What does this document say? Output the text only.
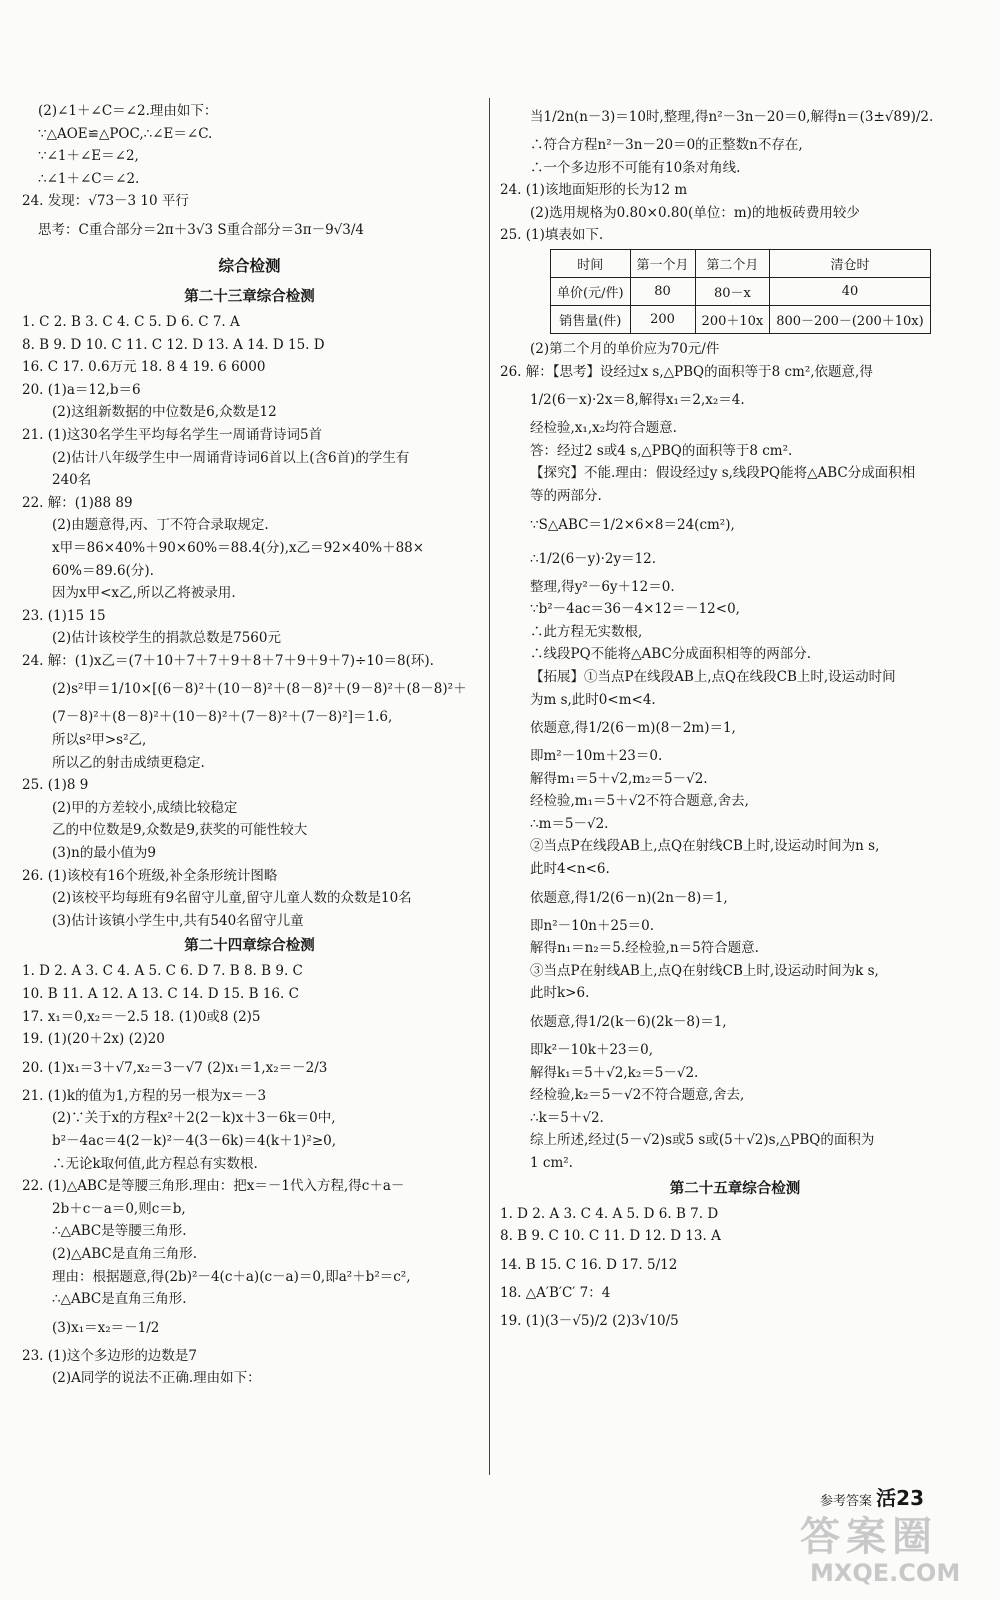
(2)∠1＋∠C＝∠2.理由如下：
∵△AOE≌△POC,∴∠E＝∠C.
∵∠1＋∠E＝∠2,
∴∠1＋∠C＝∠2.
24. 发现：√73－3 10 平行
思考：C重合部分＝2π＋3√3 S重合部分＝3π－9√3/4
综合检测
第二十三章综合检测
1. C 2. B 3. C 4. C 5. D 6. C 7. A
8. B 9. D 10. C 11. C 12. D 13. A 14. D 15. D
16. C 17. 0.6万元 18. 8 4 19. 6 6000
20. (1)a＝12,b＝6
(2)这组新数据的中位数是6,众数是12
21. (1)这30名学生平均每名学生一周诵背诗词5首
(2)估计八年级学生中一周诵背诗词6首以上(含6首)的学生有
240名
22. 解：(1)88 89
(2)由题意得,丙、丁不符合录取规定.
x甲＝86×40%＋90×60%＝88.4(分),x乙＝92×40%＋88×
60%＝89.6(分).
因为x甲<x乙,所以乙将被录用.
23. (1)15 15
(2)估计该校学生的捐款总数是7560元
24. 解：(1)x乙＝(7＋10＋7＋7＋9＋8＋7＋9＋9＋7)÷10＝8(环).
(2)s²甲＝1/10×[(6－8)²＋(10－8)²＋(8－8)²＋(9－8)²＋(8－8)²＋
(7－8)²＋(8－8)²＋(10－8)²＋(7－8)²＋(7－8)²]＝1.6,
所以s²甲>s²乙,
所以乙的射击成绩更稳定.
25. (1)8 9
(2)甲的方差较小,成绩比较稳定
乙的中位数是9,众数是9,获奖的可能性较大
(3)n的最小值为9
26. (1)该校有16个班级,补全条形统计图略
(2)该校平均每班有9名留守儿童,留守儿童人数的众数是10名
(3)估计该镇小学生中,共有540名留守儿童
第二十四章综合检测
1. D 2. A 3. C 4. A 5. C 6. D 7. B 8. B 9. C
10. B 11. A 12. A 13. C 14. D 15. B 16. C
17. x₁＝0,x₂＝－2.5 18. (1)0或8 (2)5
19. (1)(20＋2x) (2)20
20. (1)x₁＝3＋√7,x₂＝3－√7 (2)x₁＝1,x₂＝－2/3
21. (1)k的值为1,方程的另一根为x＝－3
(2)∵关于x的方程x²＋2(2－k)x＋3－6k＝0中,
b²－4ac＝4(2－k)²－4(3－6k)＝4(k＋1)²≥0,
∴无论k取何值,此方程总有实数根.
22. (1)△ABC是等腰三角形.理由：把x＝－1代入方程,得c＋a－
2b＋c－a＝0,则c＝b,
∴△ABC是等腰三角形.
(2)△ABC是直角三角形.
理由：根据题意,得(2b)²－4(c＋a)(c－a)＝0,即a²＋b²＝c²,
∴△ABC是直角三角形.
(3)x₁＝x₂＝－1/2
23. (1)这个多边形的边数是7
(2)A同学的说法不正确.理由如下：
当1/2n(n－3)＝10时,整理,得n²－3n－20＝0,解得n＝(3±√89)/2.
∴符合方程n²－3n－20＝0的正整数n不存在,
∴一个多边形不可能有10条对角线.
24. (1)该地面矩形的长为12 m
(2)选用规格为0.80×0.80(单位：m)的地板砖费用较少
25. (1)填表如下.
时间	第一个月	第二个月	清仓时
单价(元/件)	80	80－x	40
销售量(件)	200	200＋10x	800－200－(200＋10x)
(2)第二个月的单价应为70元/件
26. 解：【思考】设经过x s,△PBQ的面积等于8 cm²,依题意,得
1/2(6－x)·2x＝8,解得x₁＝2,x₂＝4.
经检验,x₁,x₂均符合题意.
答：经过2 s或4 s,△PBQ的面积等于8 cm².
【探究】不能.理由：假设经过y s,线段PQ能将△ABC分成面积相
等的两部分.
∵S△ABC＝1/2×6×8＝24(cm²),
∴1/2(6－y)·2y＝12.
整理,得y²－6y＋12＝0.
∵b²－4ac＝36－4×12＝－12<0,
∴此方程无实数根,
∴线段PQ不能将△ABC分成面积相等的两部分.
【拓展】①当点P在线段AB上,点Q在线段CB上时,设运动时间
为m s,此时0<m<4.
依题意,得1/2(6－m)(8－2m)＝1,
即m²－10m＋23＝0.
解得m₁＝5＋√2,m₂＝5－√2.
经检验,m₁＝5＋√2不符合题意,舍去,
∴m＝5－√2.
②当点P在线段AB上,点Q在射线CB上时,设运动时间为n s,
此时4<n<6.
依题意,得1/2(6－n)(2n－8)＝1,
即n²－10n＋25＝0.
解得n₁＝n₂＝5.经检验,n＝5符合题意.
③当点P在射线AB上,点Q在射线CB上时,设运动时间为k s,
此时k>6.
依题意,得1/2(k－6)(2k－8)＝1,
即k²－10k＋23＝0,
解得k₁＝5＋√2,k₂＝5－√2.
经检验,k₂＝5－√2不符合题意,舍去,
∴k＝5＋√2.
综上所述,经过(5－√2)s或5 s或(5＋√2)s,△PBQ的面积为
1 cm².
第二十五章综合检测
1. D 2. A 3. C 4. A 5. D 6. B 7. D
8. B 9. C 10. C 11. D 12. D 13. A
14. B 15. C 16. D 17. 5/12
18. △A′B′C′ 7：4
19. (1)(3－√5)/2 (2)3√10/5
参考答案 活23
答案圈
MXQE.COM
